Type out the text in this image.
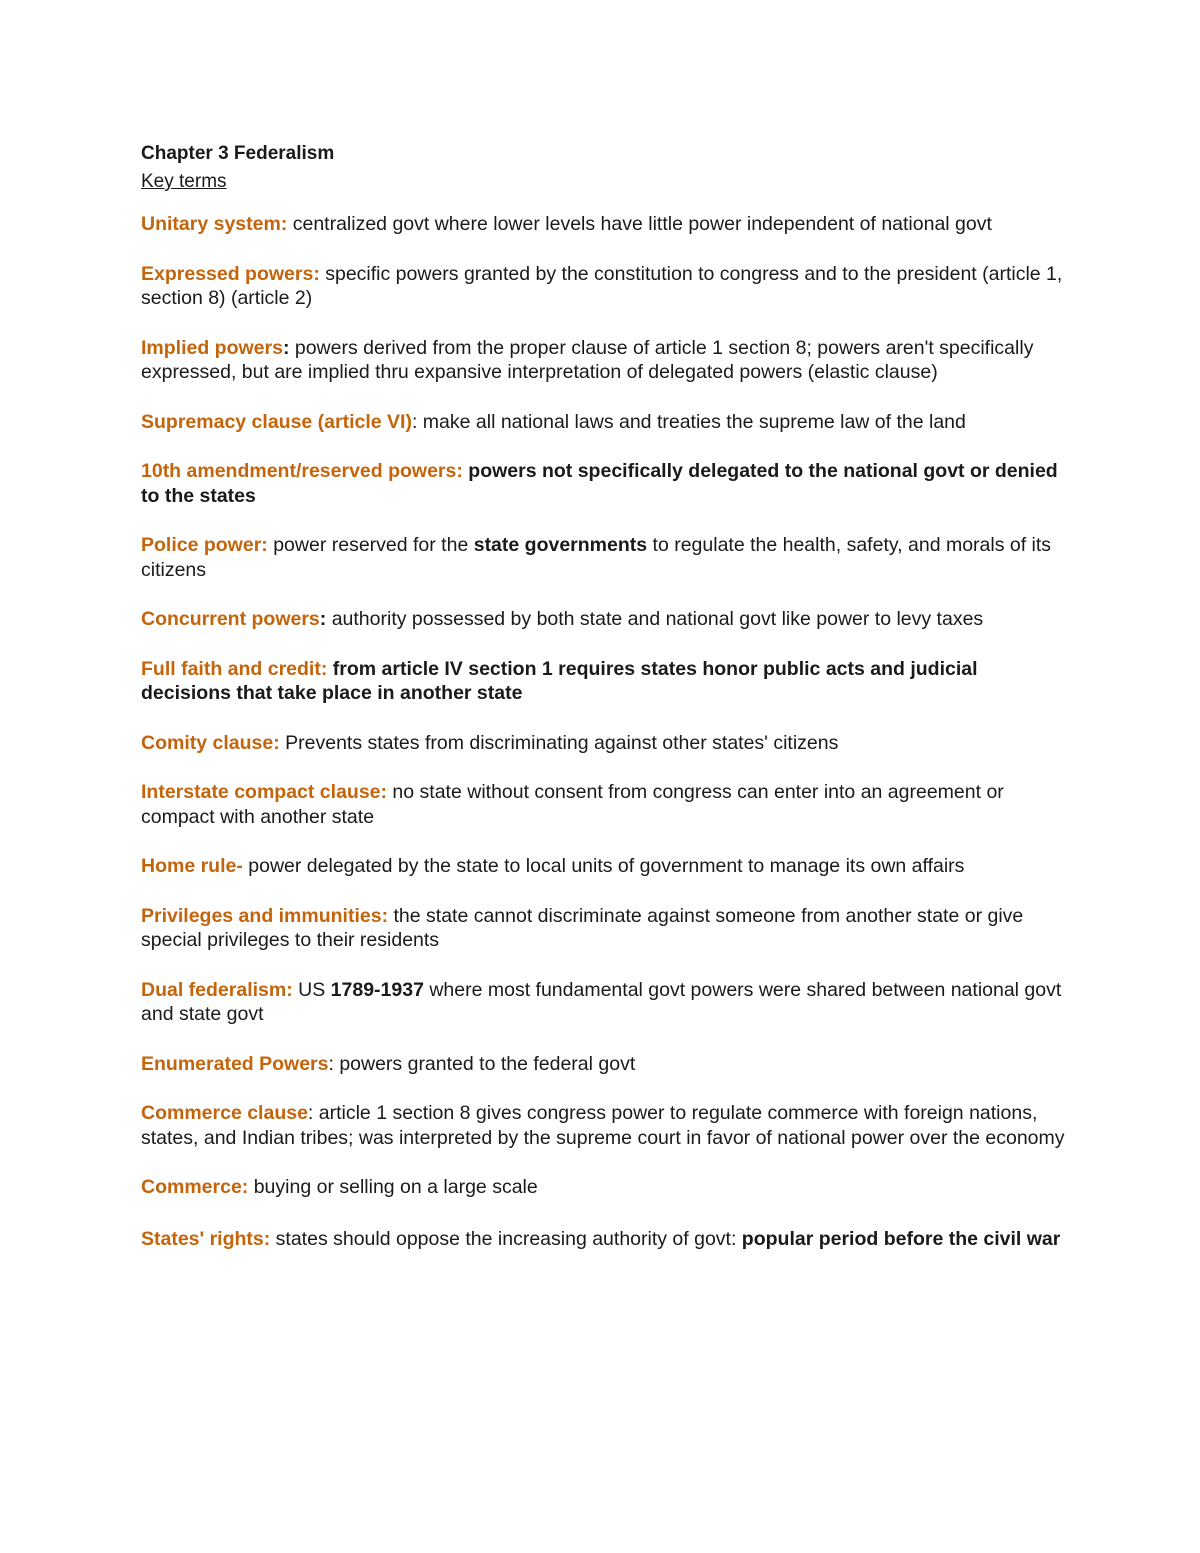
Chapter 3 Federalism

Key terms

Unitary system: centralized govt where lower levels have little power independent of national govt

Expressed powers: specific powers granted by the constitution to congress and to the president (article 1, section 8) (article 2)

Implied powers: powers derived from the proper clause of article 1 section 8; powers aren't specifically expressed, but are implied thru expansive interpretation of delegated powers (elastic clause)

Supremacy clause (article VI): make all national laws and treaties the supreme law of the land

10th amendment/reserved powers: powers not specifically delegated to the national govt or denied to the states

Police power: power reserved for the state governments to regulate the health, safety, and morals of its citizens

Concurrent powers: authority possessed by both state and national govt like power to levy taxes

Full faith and credit: from article IV section 1 requires states honor public acts and judicial decisions that take place in another state

Comity clause: Prevents states from discriminating against other states' citizens

Interstate compact clause: no state without consent from congress can enter into an agreement or compact with another state

Home rule- power delegated by the state to local units of government to manage its own affairs

Privileges and immunities: the state cannot discriminate against someone from another state or give special privileges to their residents

Dual federalism: US 1789-1937 where most fundamental govt powers were shared between national govt and state govt

Enumerated Powers: powers granted to the federal govt

Commerce clause: article 1 section 8 gives congress power to regulate commerce with foreign nations, states, and Indian tribes; was interpreted by the supreme court in favor of national power over the economy

Commerce: buying or selling on a large scale

States' rights: states should oppose the increasing authority of govt: popular period before the civil war
